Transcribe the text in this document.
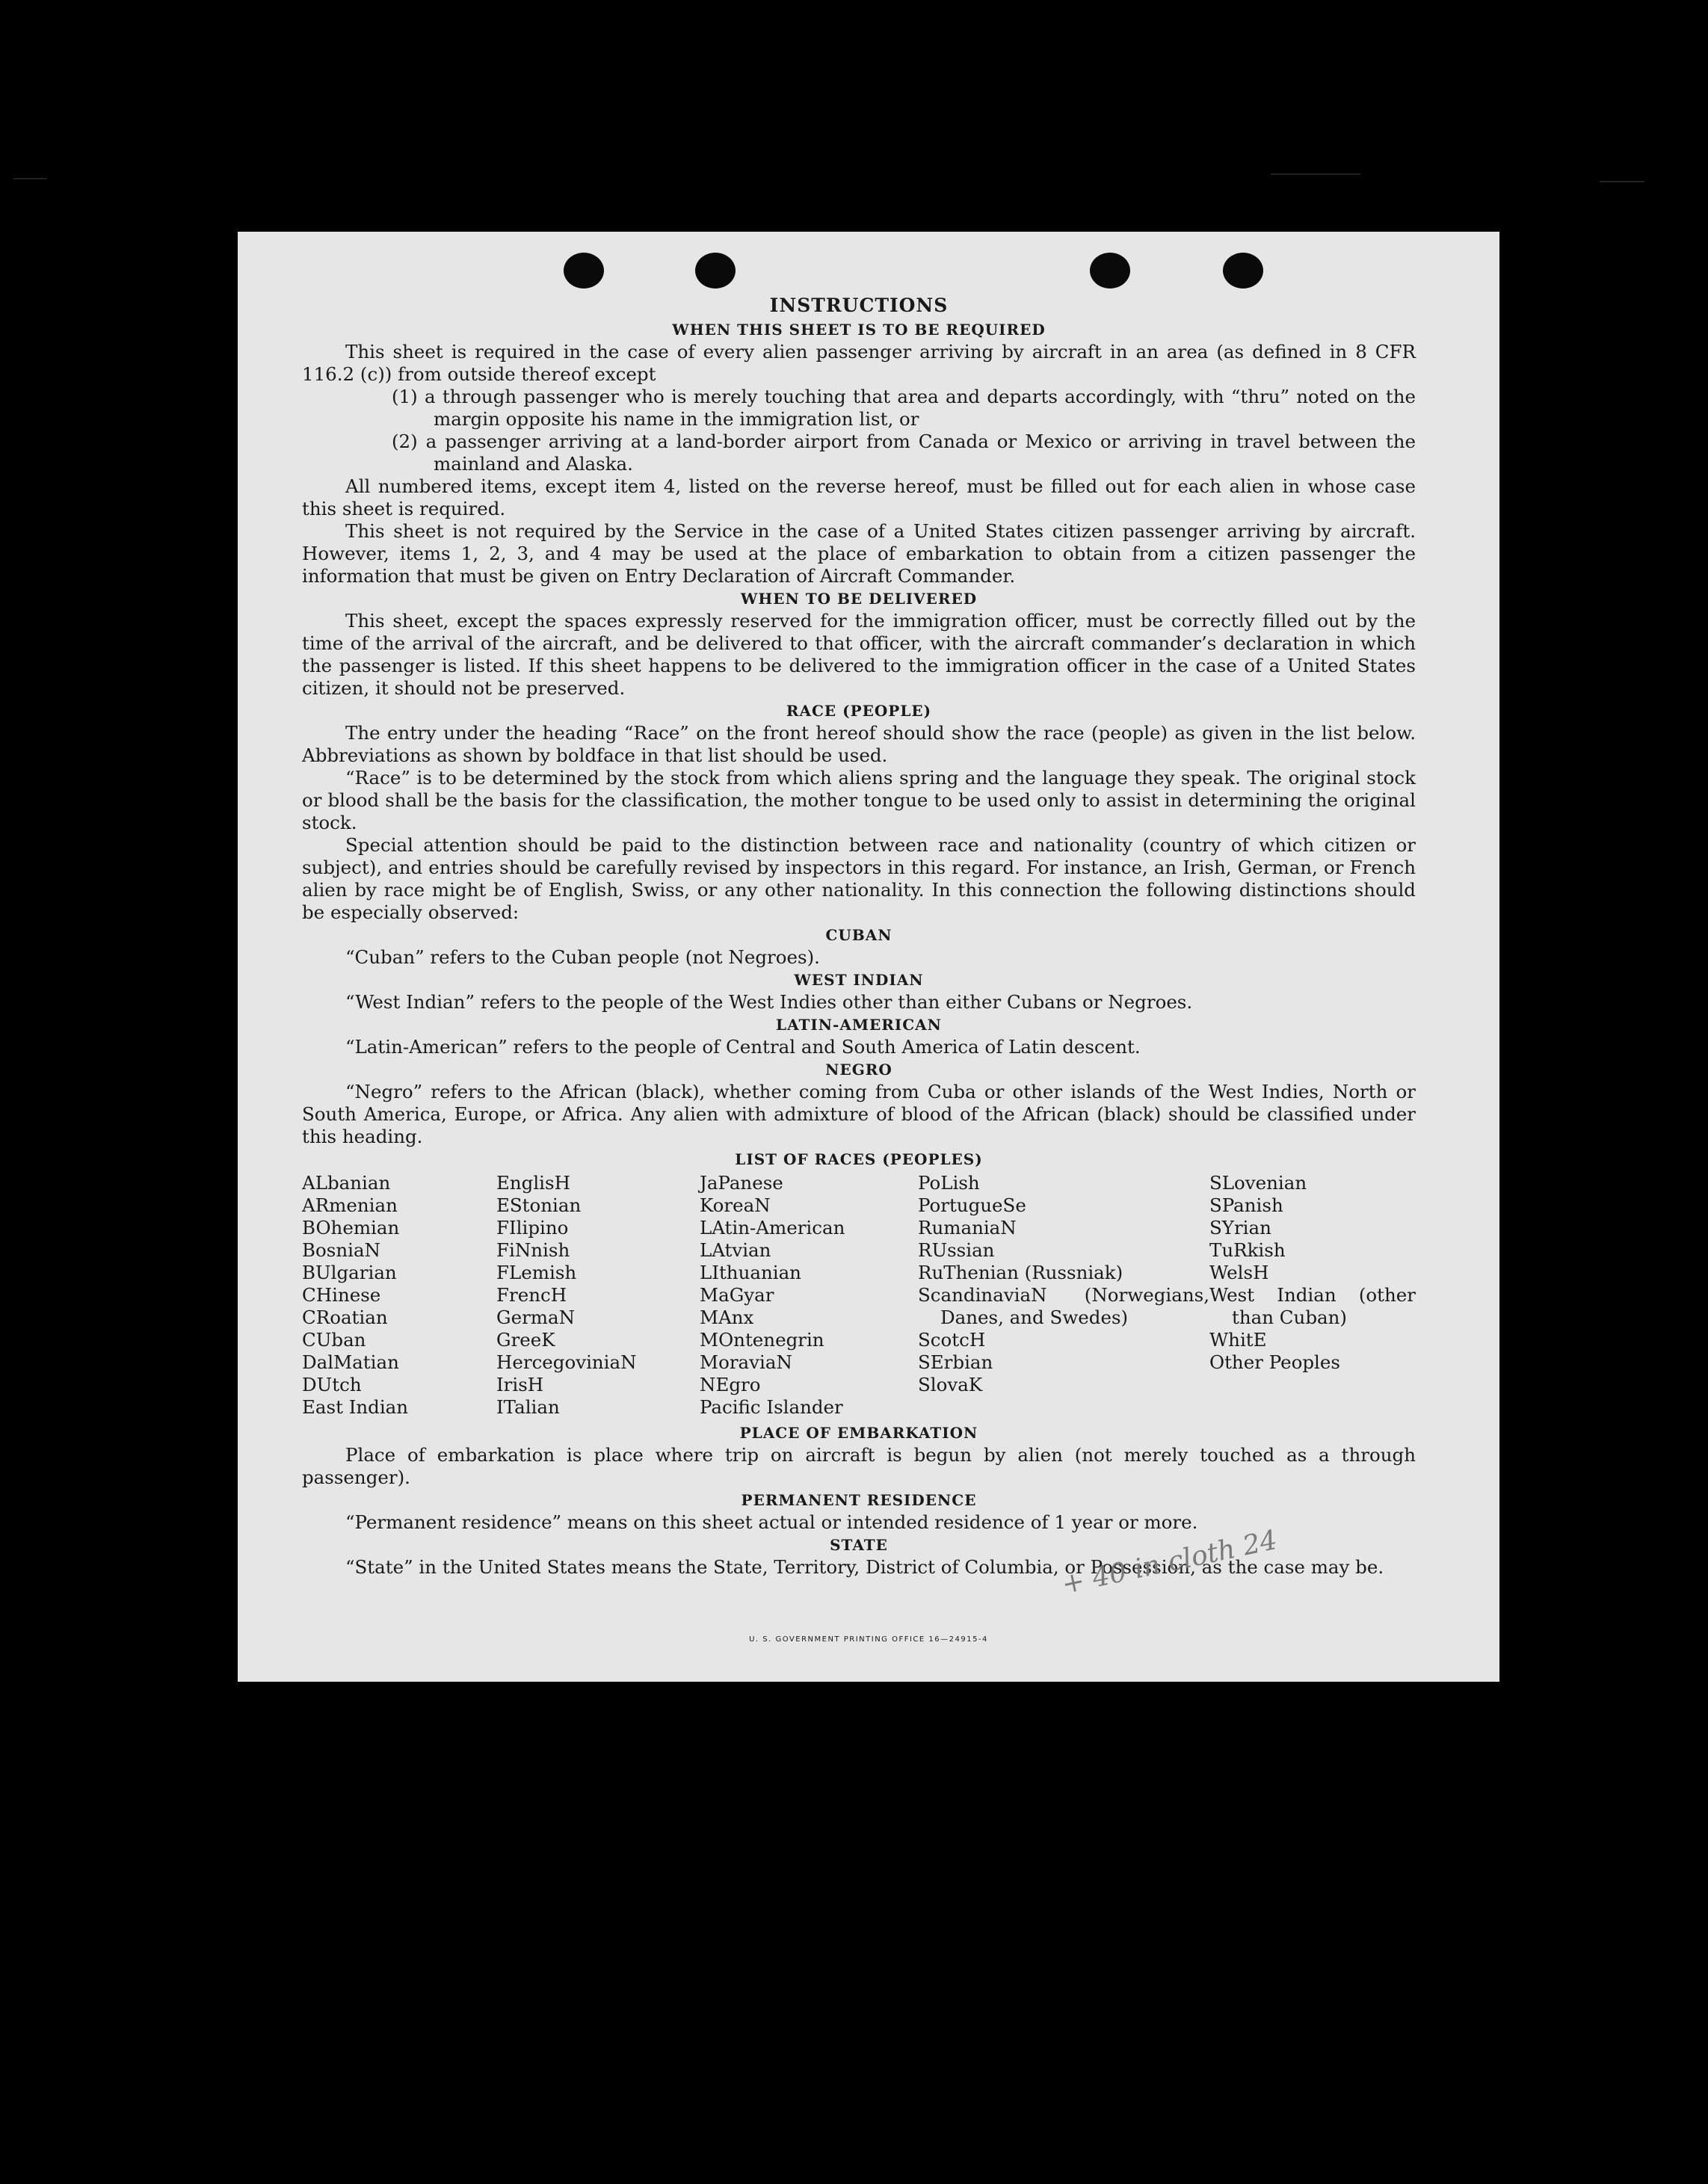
INSTRUCTIONS
WHEN THIS SHEET IS TO BE REQUIRED

This sheet is required in the case of every alien passenger arriving by aircraft in an area (as defined in 8 CFR 116.2 (c)) from outside thereof except

(1) a through passenger who is merely touching that area and departs accordingly, with “thru” noted on the margin opposite his name in the immigration list, or
(2) a passenger arriving at a land-border airport from Canada or Mexico or arriving in travel between the mainland and Alaska.

All numbered items, except item 4, listed on the reverse hereof, must be filled out for each alien in whose case this sheet is required.

This sheet is not required by the Service in the case of a United States citizen passenger arriving by aircraft. However, items 1, 2, 3, and 4 may be used at the place of embarkation to obtain from a citizen passenger the information that must be given on Entry Declaration of Aircraft Commander.

WHEN TO BE DELIVERED

This sheet, except the spaces expressly reserved for the immigration officer, must be correctly filled out by the time of the arrival of the aircraft, and be delivered to that officer, with the aircraft commander’s declaration in which the passenger is listed. If this sheet happens to be delivered to the immigration officer in the case of a United States citizen, it should not be preserved.

RACE (PEOPLE)

The entry under the heading “Race” on the front hereof should show the race (people) as given in the list below. Abbreviations as shown by boldface in that list should be used.

“Race” is to be determined by the stock from which aliens spring and the language they speak. The original stock or blood shall be the basis for the classification, the mother tongue to be used only to assist in determining the original stock.

Special attention should be paid to the distinction between race and nationality (country of which citizen or subject), and entries should be carefully revised by inspectors in this regard. For instance, an Irish, German, or French alien by race might be of English, Swiss, or any other nationality. In this connection the following distinctions should be especially observed:

CUBAN

“Cuban” refers to the Cuban people (not Negroes).

WEST INDIAN

“West Indian” refers to the people of the West Indies other than either Cubans or Negroes.

LATIN-AMERICAN

“Latin-American” refers to the people of Central and South America of Latin descent.

NEGRO

“Negro” refers to the African (black), whether coming from Cuba or other islands of the West Indies, North or South America, Europe, or Africa. Any alien with admixture of blood of the African (black) should be classified under this heading.

LIST OF RACES (PEOPLES)
ALbanian
ARmenian
BOhemian
BosniaN
BUlgarian
CHinese
CRoatian
CUban
DalMatian
DUtch
East Indian
EnglisH
EStonian
FIlipino
FiNnish
FLemish
FrencH
GermaN
GreeK
HercegoviniaN
IrisH
ITalian
JaPanese
KoreaN
LAtin-American
LAtvian
LIthuanian
MaGyar
MAnx
MOntenegrin
MoraviaN
NEgro
Pacific Islander
PoLish
PortugueSe
RumaniaN
RUssian
RuThenian (Russniak)
ScandinaviaN (Norwegians, Danes, and Swedes)
ScotcH
SErbian
SlovaK
SLovenian
SPanish
SYrian
TuRkish
WelsH
West Indian (other than Cuban)
WhitE
Other Peoples
PLACE OF EMBARKATION

Place of embarkation is place where trip on aircraft is begun by alien (not merely touched as a through passenger).

PERMANENT RESIDENCE

“Permanent residence” means on this sheet actual or intended residence of 1 year or more.

STATE

“State” in the United States means the State, Territory, District of Columbia, or Possession, as the case may be.

+ 40 in cloth 24
U. S. GOVERNMENT PRINTING OFFICE 16—24915-4
